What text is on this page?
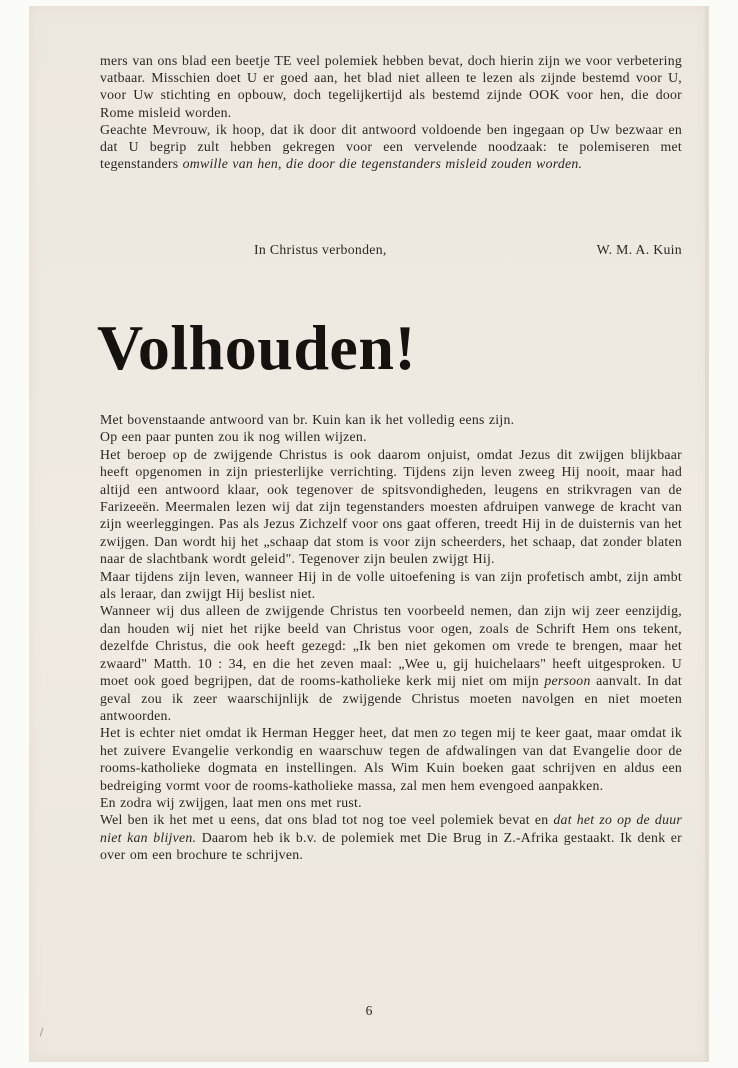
mers van ons blad een beetje TE veel polemiek hebben bevat, doch hierin zijn we voor verbetering vatbaar. Misschien doet U er goed aan, het blad niet alleen te lezen als zijnde bestemd voor U, voor Uw stichting en opbouw, doch tegelijkertijd als bestemd zijnde OOK voor hen, die door Rome misleid worden.

Geachte Mevrouw, ik hoop, dat ik door dit antwoord voldoende ben ingegaan op Uw bezwaar en dat U begrip zult hebben gekregen voor een vervelende noodzaak: te polemiseren met tegenstanders omwille van hen, die door die tegenstanders misleid zouden worden.

In Christus verbonden,	W. M. A. Kuin
Volhouden!

Met bovenstaande antwoord van br. Kuin kan ik het volledig eens zijn.

Op een paar punten zou ik nog willen wijzen.

Het beroep op de zwijgende Christus is ook daarom onjuist, omdat Jezus dit zwijgen blijkbaar heeft opgenomen in zijn priesterlijke verrichting. Tijdens zijn leven zweeg Hij nooit, maar had altijd een antwoord klaar, ook tegenover de spitsvondigheden, leugens en strikvragen van de Farizeeën. Meermalen lezen wij dat zijn tegenstanders moesten afdruipen vanwege de kracht van zijn weerleggingen. Pas als Jezus Zichzelf voor ons gaat offeren, treedt Hij in de duisternis van het zwijgen. Dan wordt hij het „schaap dat stom is voor zijn scheerders, het schaap, dat zonder blaten naar de slachtbank wordt geleid". Tegenover zijn beulen zwijgt Hij.

Maar tijdens zijn leven, wanneer Hij in de volle uitoefening is van zijn profetisch ambt, zijn ambt als leraar, dan zwijgt Hij beslist niet.

Wanneer wij dus alleen de zwijgende Christus ten voorbeeld nemen, dan zijn wij zeer eenzijdig, dan houden wij niet het rijke beeld van Christus voor ogen, zoals de Schrift Hem ons tekent, dezelfde Christus, die ook heeft gezegd: „Ik ben niet gekomen om vrede te brengen, maar het zwaard" Matth. 10 : 34, en die het zeven maal: „Wee u, gij huichelaars" heeft uitgesproken. U moet ook goed begrijpen, dat de rooms-katholieke kerk mij niet om mijn persoon aanvalt. In dat geval zou ik zeer waarschijnlijk de zwijgende Christus moeten navolgen en niet moeten antwoorden.

Het is echter niet omdat ik Herman Hegger heet, dat men zo tegen mij te keer gaat, maar omdat ik het zuivere Evangelie verkondig en waarschuw tegen de afdwalingen van dat Evangelie door de rooms-katholieke dogmata en instellingen. Als Wim Kuin boeken gaat schrijven en aldus een bedreiging vormt voor de rooms-katholieke massa, zal men hem evengoed aanpakken.

En zodra wij zwijgen, laat men ons met rust.

Wel ben ik het met u eens, dat ons blad tot nog toe veel polemiek bevat en dat het zo op de duur niet kan blijven. Daarom heb ik b.v. de polemiek met Die Brug in Z.-Afrika gestaakt. Ik denk er over om een brochure te schrijven.

6
